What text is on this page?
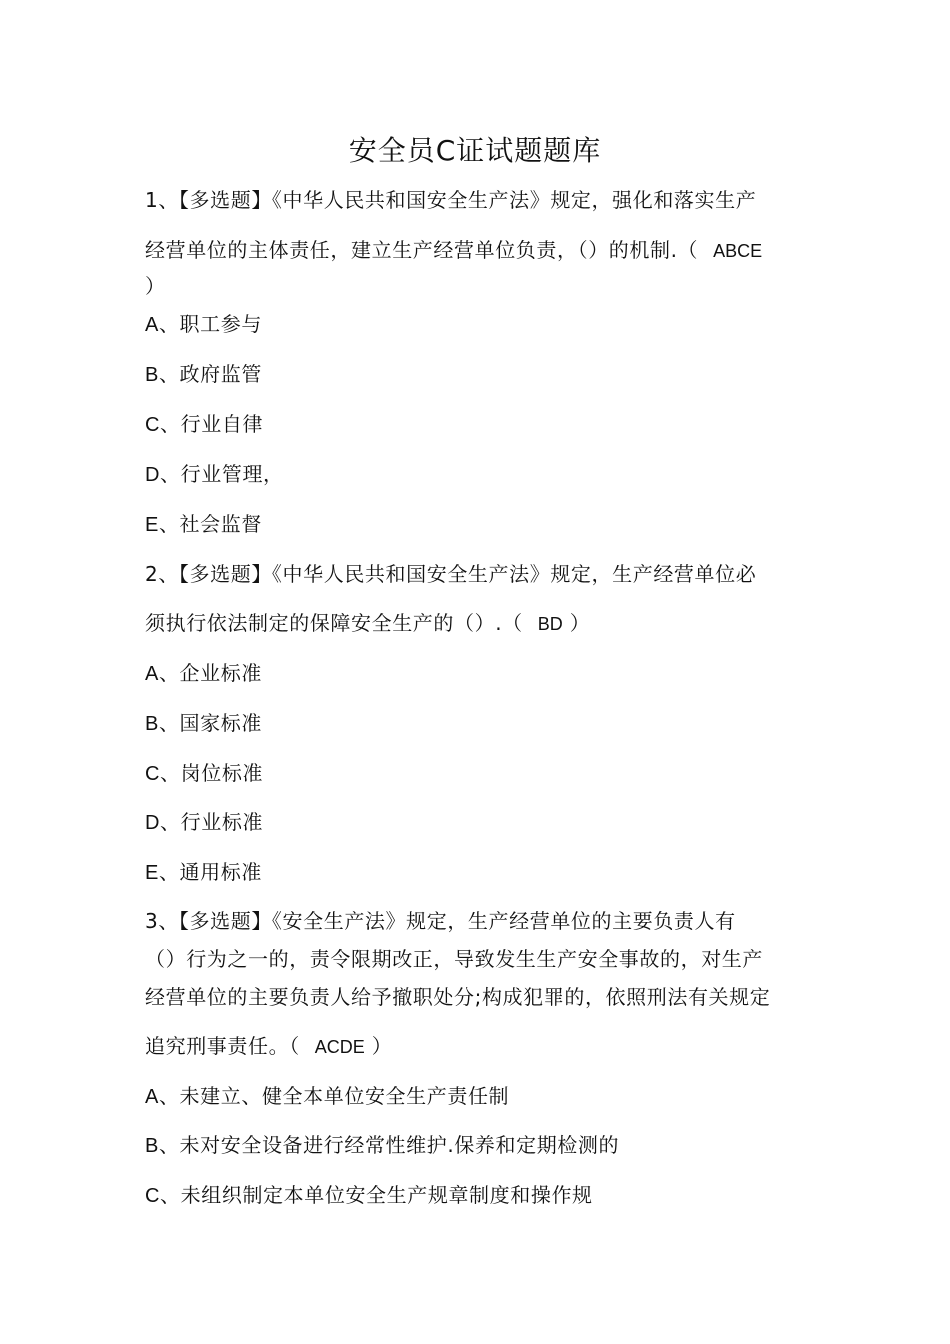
安全员C证试题题库
1、【多选题】《中华人民共和国安全生产法》规定，强化和落实生产
经营单位的主体责任，建立生产经营单位负责，（）的机制.（ ABCE
）
A、职工参与
B、政府监管
C、行业自律
D、行业管理，
E、社会监督
2、【多选题】《中华人民共和国安全生产法》规定，生产经营单位必
须执行依法制定的保障安全生产的（）.（ BD ）
A、企业标准
B、国家标准
C、岗位标准
D、行业标准
E、通用标准
3、【多选题】《安全生产法》规定，生产经营单位的主要负责人有
（）行为之一的，责令限期改正，导致发生生产安全事故的，对生产
经营单位的主要负责人给予撤职处分;构成犯罪的，依照刑法有关规定
追究刑事责任。（ ACDE ）
A、未建立、健全本单位安全生产责任制
B、未对安全设备进行经常性维护.保养和定期检测的
C、未组织制定本单位安全生产规章制度和操作规
